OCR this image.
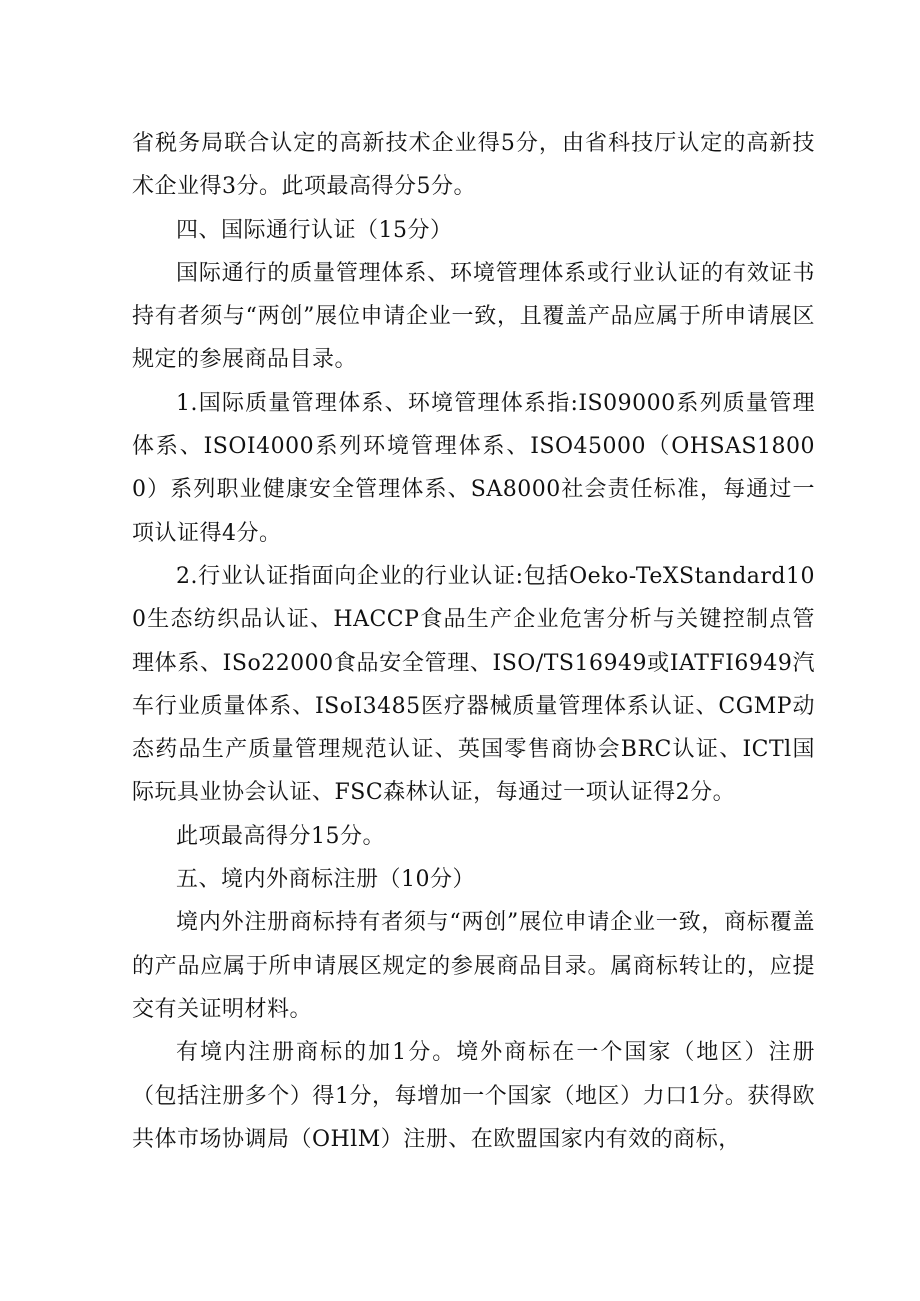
省税务局联合认定的高新技术企业得5分，由省科技厅认定的高新技术企业得3分。此项最高得分5分。

四、国际通行认证（15分）

国际通行的质量管理体系、环境管理体系或行业认证的有效证书持有者须与“两创”展位申请企业一致，且覆盖产品应属于所申请展区规定的参展商品目录。

1.国际质量管理体系、环境管理体系指:IS09000系列质量管理体系、ISOI4000系列环境管理体系、ISO45000（OHSAS18000）系列职业健康安全管理体系、SA8000社会责任标准，每通过一项认证得4分。

2.行业认证指面向企业的行业认证:包括Oeko-TeXStandard100生态纺织品认证、HACCP食品生产企业危害分析与关键控制点管理体系、ISo22000食品安全管理、ISO/TS16949或IATFI6949汽车行业质量体系、ISoI3485医疗器械质量管理体系认证、CGMP动态药品生产质量管理规范认证、英国零售商协会BRC认证、ICTl国际玩具业协会认证、FSC森林认证，每通过一项认证得2分。

此项最高得分15分。

五、境内外商标注册（10分）

境内外注册商标持有者须与“两创”展位申请企业一致，商标覆盖的产品应属于所申请展区规定的参展商品目录。属商标转让的，应提交有关证明材料。

有境内注册商标的加1分。境外商标在一个国家（地区）注册（包括注册多个）得1分，每增加一个国家（地区）力口1分。获得欧共体市场协调局（OHlM）注册、在欧盟国家内有效的商标，
